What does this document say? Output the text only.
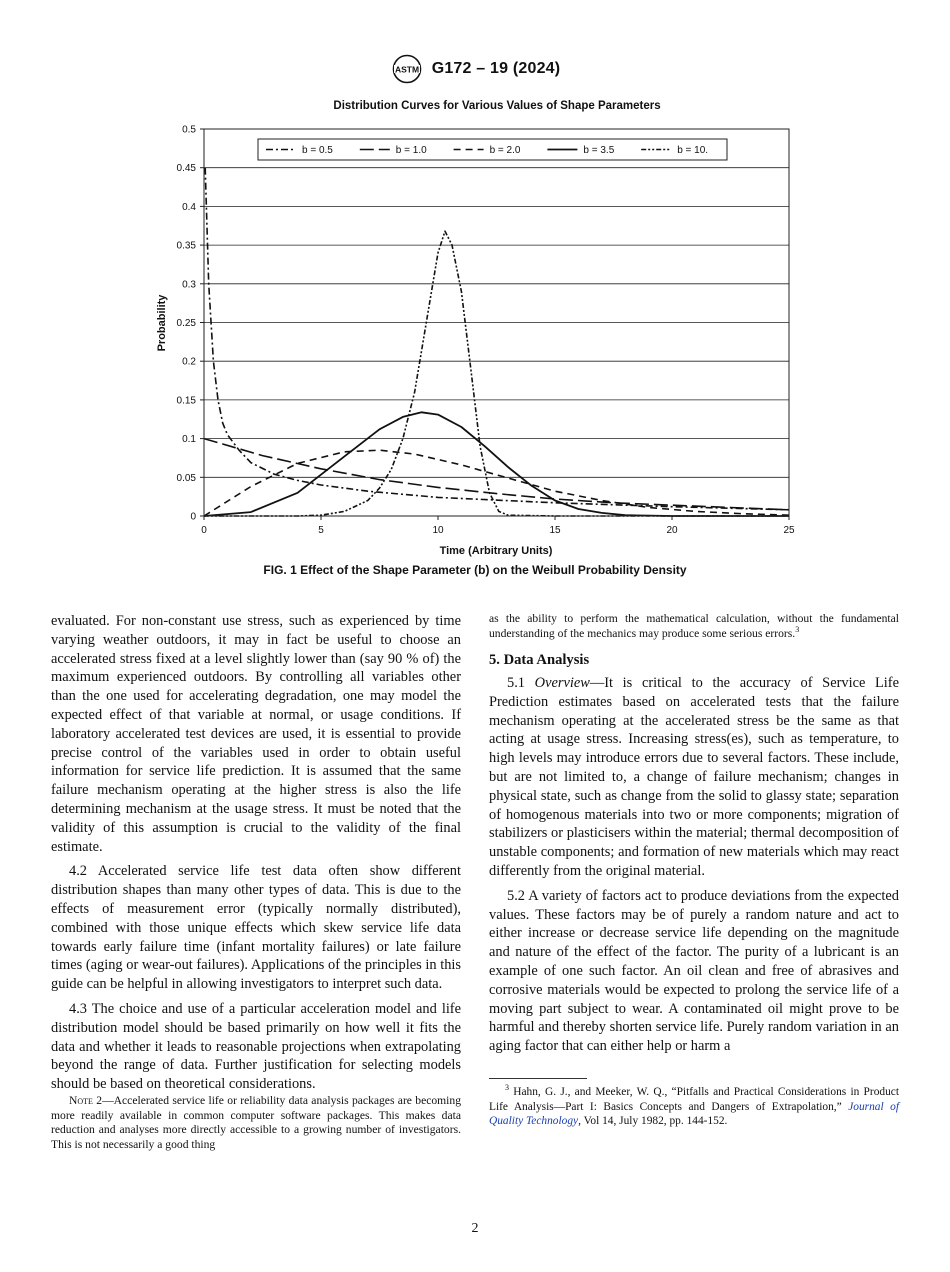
ASTM G172 – 19 (2024)
Distribution Curves for Various Values of Shape Parameters
0
0.05
0.1
0.15
0.2
0.25
0.3
0.35
0.4
0.45
0.5
0	5	10	15	20	25
b = 0.5	b = 1.0	b = 2.0	b = 3.5	b = 10.
Time (Arbitrary Units)
Probability
FIG. 1 Effect of the Shape Parameter (b) on the Weibull Probability Density

evaluated. For non-constant use stress, such as experienced by time varying weather outdoors, it may in fact be useful to choose an accelerated stress fixed at a level slightly lower than (say 90 % of) the maximum experienced outdoors. By controlling all variables other than the one used for accelerating degradation, one may model the expected effect of that variable at normal, or usage conditions. If laboratory accelerated test devices are used, it is essential to provide precise control of the variables used in order to obtain useful information for service life prediction. It is assumed that the same failure mechanism operating at the higher stress is also the life determining mechanism at the usage stress. It must be noted that the validity of this assumption is crucial to the validity of the final estimate.

4.2 Accelerated service life test data often show different distribution shapes than many other types of data. This is due to the effects of measurement error (typically normally distributed), combined with those unique effects which skew service life data towards early failure time (infant mortality failures) or late failure times (aging or wear-out failures). Applications of the principles in this guide can be helpful in allowing investigators to interpret such data.

4.3 The choice and use of a particular acceleration model and life distribution model should be based primarily on how well it fits the data and whether it leads to reasonable projections when extrapolating beyond the range of data. Further justification for selecting models should be based on theoretical considerations.

Note 2—Accelerated service life or reliability data analysis packages are becoming more readily available in common computer software packages. This makes data reduction and analyses more directly accessible to a growing number of investigators. This is not necessarily a good thing

as the ability to perform the mathematical calculation, without the fundamental understanding of the mechanics may produce some serious errors.$^3$

5. Data Analysis

5.1 Overview—It is critical to the accuracy of Service Life Prediction estimates based on accelerated tests that the failure mechanism operating at the accelerated stress be the same as that acting at usage stress. Increasing stress(es), such as temperature, to high levels may introduce errors due to several factors. These include, but are not limited to, a change of failure mechanism; changes in physical state, such as change from the solid to glassy state; separation of homogenous materials into two or more components; migration of stabilizers or plasticisers within the material; thermal decomposition of unstable components; and formation of new materials which may react differently from the original material.

5.2 A variety of factors act to produce deviations from the expected values. These factors may be of purely a random nature and act to either increase or decrease service life depending on the magnitude and nature of the effect of the factor. The purity of a lubricant is an example of one such factor. An oil clean and free of abrasives and corrosive materials would be expected to prolong the service life of a moving part subject to wear. A contaminated oil might prove to be harmful and thereby shorten service life. Purely random variation in an aging factor that can either help or harm a

$^3$ Hahn, G. J., and Meeker, W. Q., “Pitfalls and Practical Considerations in Product Life Analysis—Part I: Basics Concepts and Dangers of Extrapolation,” Journal of Quality Technology, Vol 14, July 1982, pp. 144-152.
2
